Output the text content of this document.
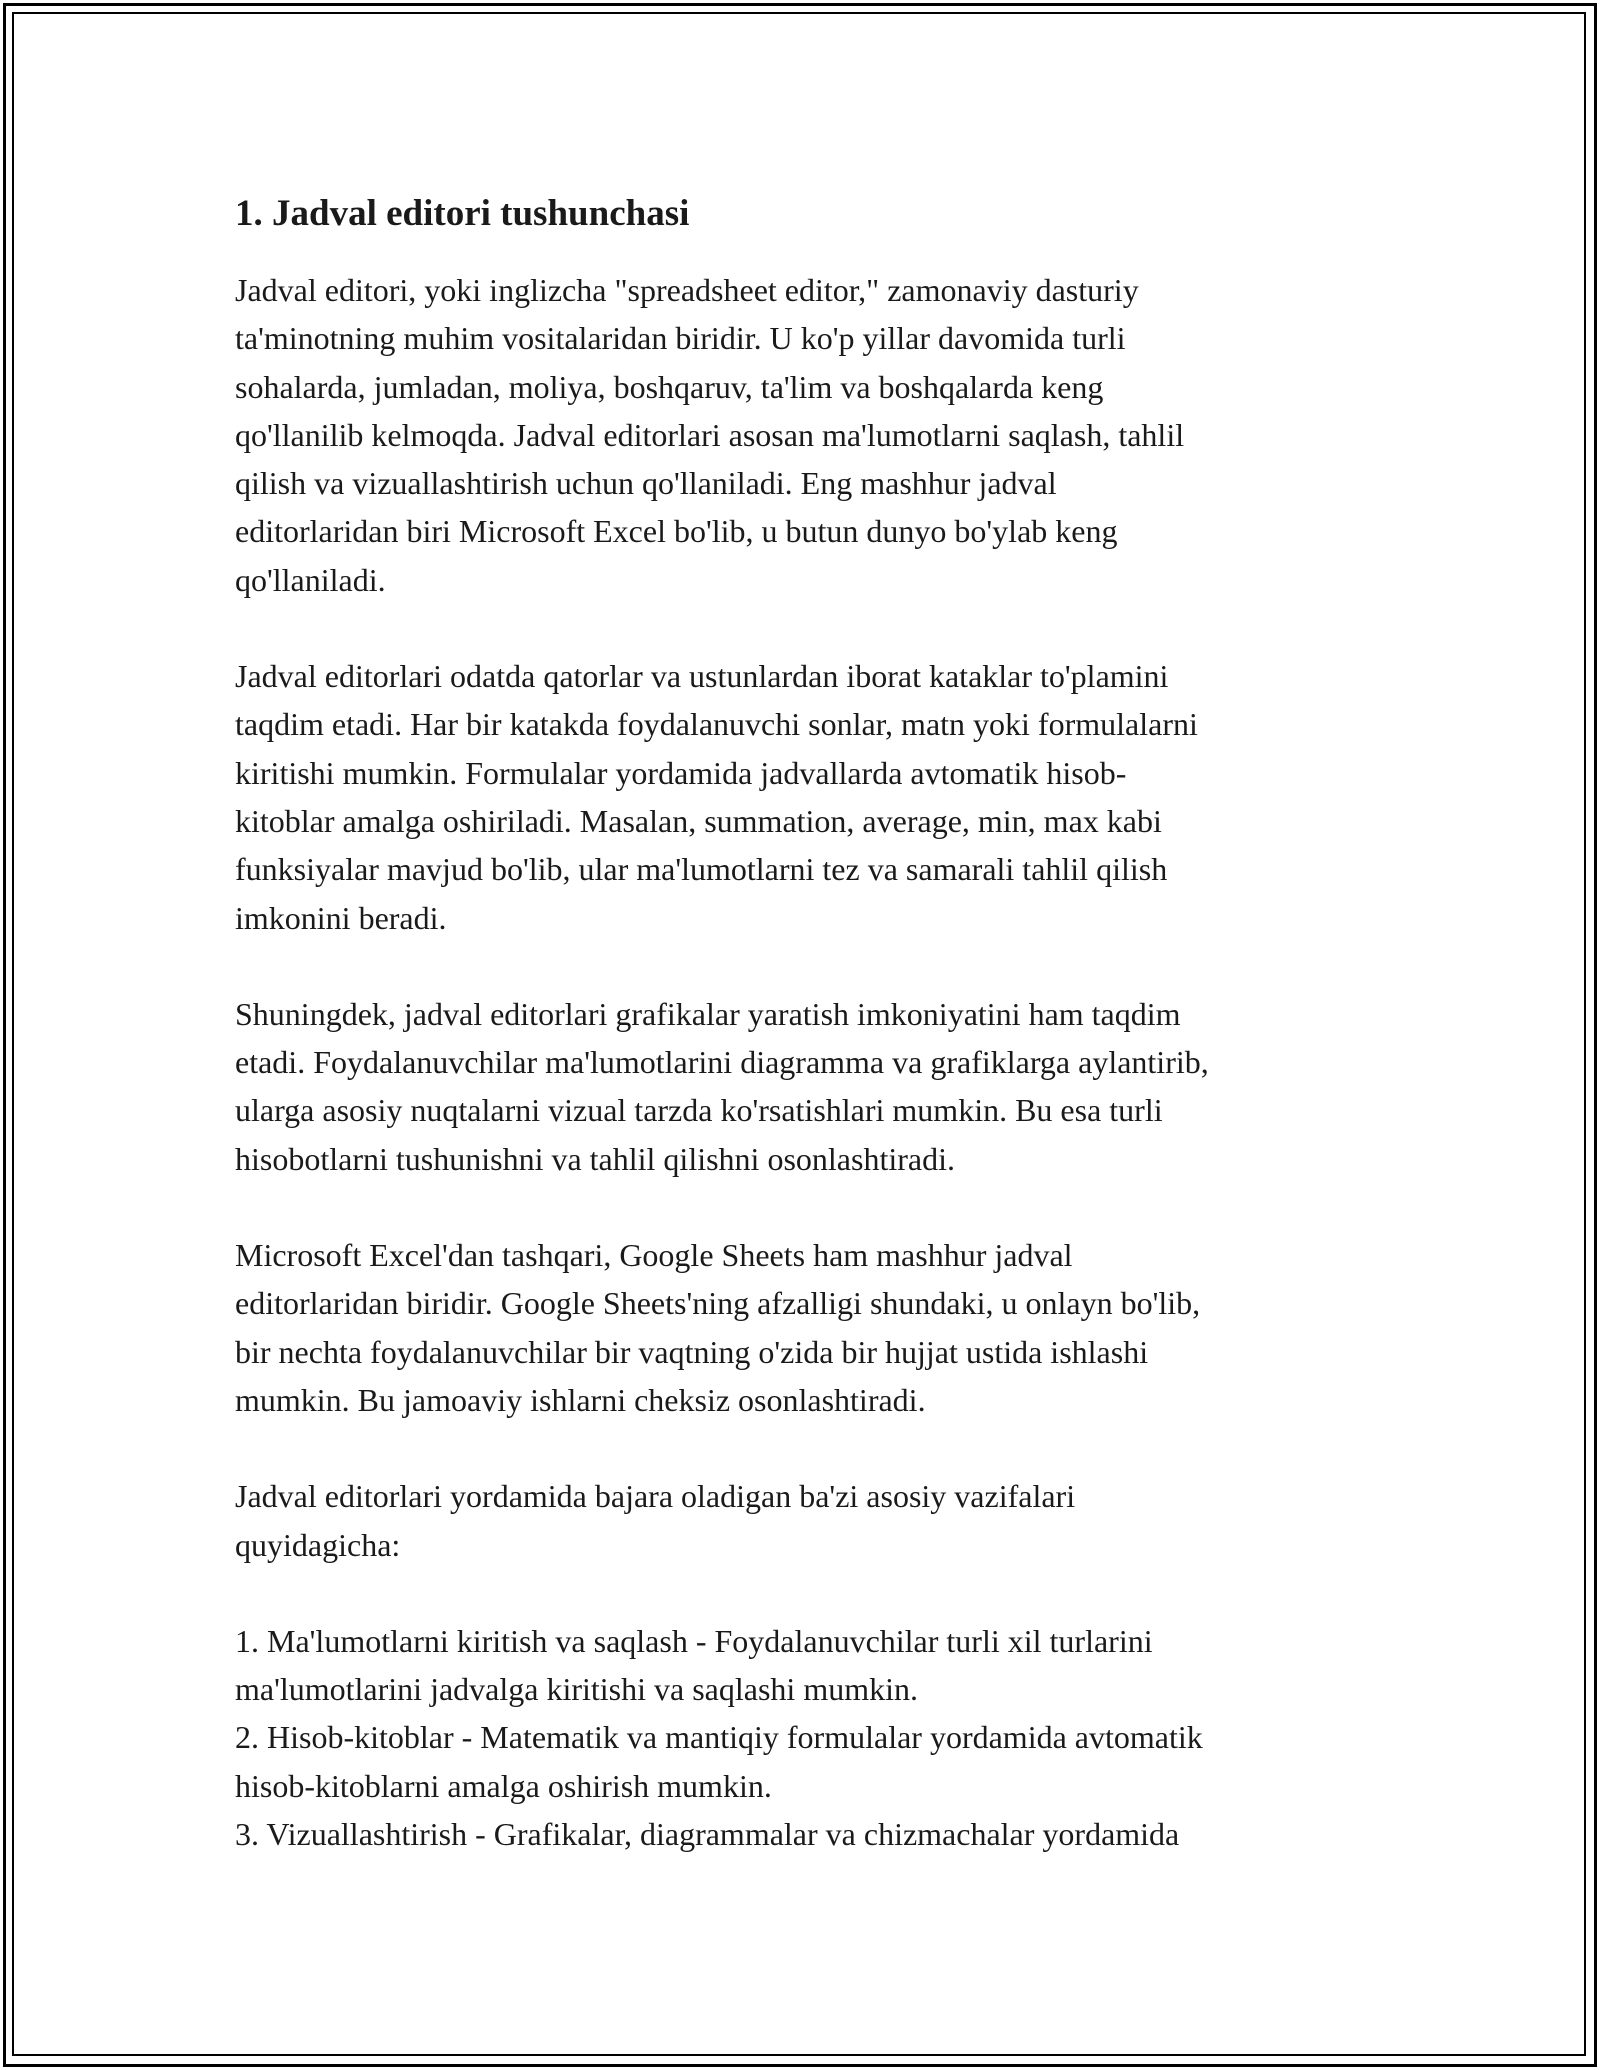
1. Jadval editori tushunchasi

Jadval editori, yoki inglizcha "spreadsheet editor," zamonaviy dasturiy
ta'minotning muhim vositalaridan biridir. U ko'p yillar davomida turli
sohalarda, jumladan, moliya, boshqaruv, ta'lim va boshqalarda keng
qo'llanilib kelmoqda. Jadval editorlari asosan ma'lumotlarni saqlash, tahlil
qilish va vizuallashtirish uchun qo'llaniladi. Eng mashhur jadval
editorlaridan biri Microsoft Excel bo'lib, u butun dunyo bo'ylab keng
qo'llaniladi.

Jadval editorlari odatda qatorlar va ustunlardan iborat kataklar to'plamini
taqdim etadi. Har bir katakda foydalanuvchi sonlar, matn yoki formulalarni
kiritishi mumkin. Formulalar yordamida jadvallarda avtomatik hisob-
kitoblar amalga oshiriladi. Masalan, summation, average, min, max kabi
funksiyalar mavjud bo'lib, ular ma'lumotlarni tez va samarali tahlil qilish
imkonini beradi.

Shuningdek, jadval editorlari grafikalar yaratish imkoniyatini ham taqdim
etadi. Foydalanuvchilar ma'lumotlarini diagramma va grafiklarga aylantirib,
ularga asosiy nuqtalarni vizual tarzda ko'rsatishlari mumkin. Bu esa turli
hisobotlarni tushunishni va tahlil qilishni osonlashtiradi.

Microsoft Excel'dan tashqari, Google Sheets ham mashhur jadval
editorlaridan biridir. Google Sheets'ning afzalligi shundaki, u onlayn bo'lib,
bir nechta foydalanuvchilar bir vaqtning o'zida bir hujjat ustida ishlashi
mumkin. Bu jamoaviy ishlarni cheksiz osonlashtiradi.

Jadval editorlari yordamida bajara oladigan ba'zi asosiy vazifalari
quyidagicha:

1. Ma'lumotlarni kiritish va saqlash - Foydalanuvchilar turli xil turlarini
ma'lumotlarini jadvalga kiritishi va saqlashi mumkin.
2. Hisob-kitoblar - Matematik va mantiqiy formulalar yordamida avtomatik
hisob-kitoblarni amalga oshirish mumkin.
3. Vizuallashtirish - Grafikalar, diagrammalar va chizmachalar yordamida
